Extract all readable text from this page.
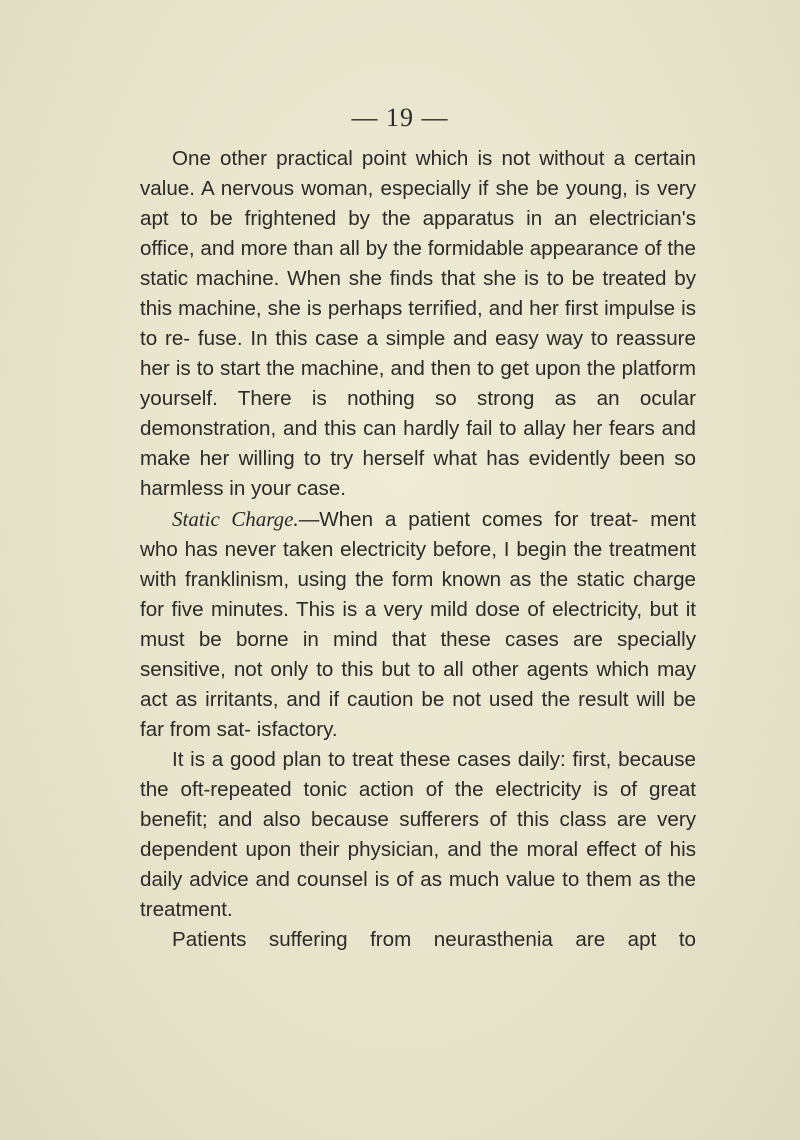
— 19 —

One other practical point which is not without a certain value. A nervous woman, especially if she be young, is very apt to be frightened by the apparatus in an electrician's office, and more than all by the formidable appearance of the static machine. When she finds that she is to be treated by this machine, she is perhaps terrified, and her first impulse is to re- fuse. In this case a simple and easy way to reassure her is to start the machine, and then to get upon the platform yourself. There is nothing so strong as an ocular demonstration, and this can hardly fail to allay her fears and make her willing to try herself what has evidently been so harmless in your case.

Static Charge.—When a patient comes for treat- ment who has never taken electricity before, I begin the treatment with franklinism, using the form known as the static charge for five minutes. This is a very mild dose of electricity, but it must be borne in mind that these cases are specially sensitive, not only to this but to all other agents which may act as irritants, and if caution be not used the result will be far from sat- isfactory.

It is a good plan to treat these cases daily: first, because the oft-repeated tonic action of the electricity is of great benefit; and also because sufferers of this class are very dependent upon their physician, and the moral effect of his daily advice and counsel is of as much value to them as the treatment.

Patients suffering from neurasthenia are apt to
